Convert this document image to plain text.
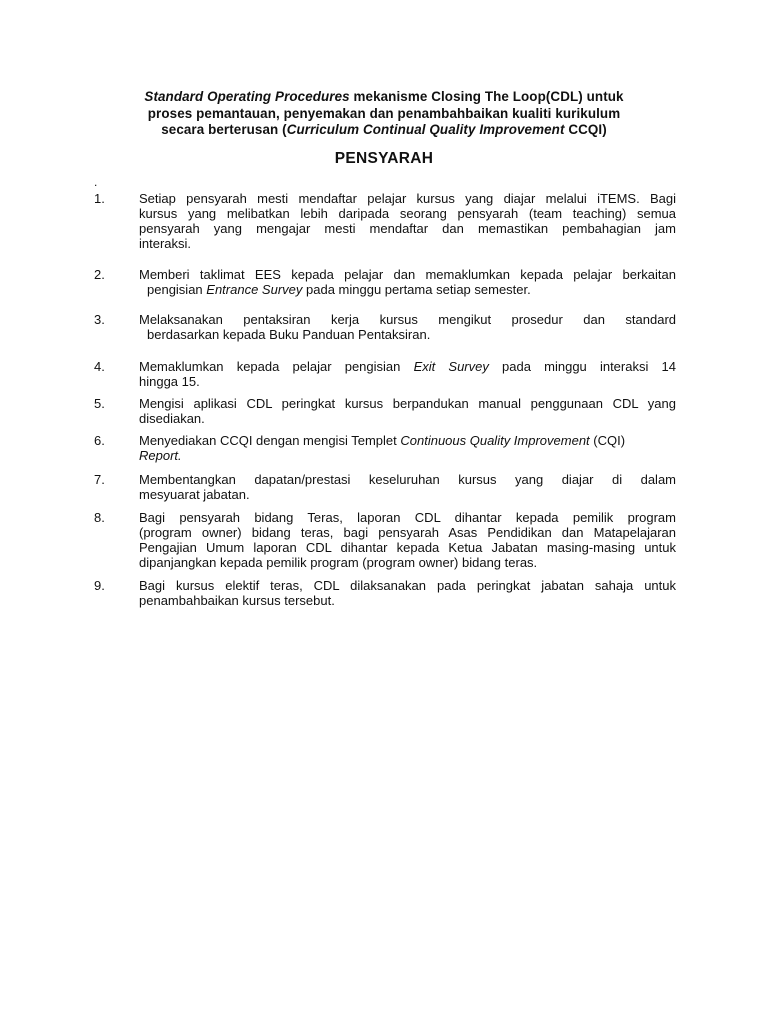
Standard Operating Procedures mekanisme Closing The Loop(CDL) untuk
proses pemantauan, penyemakan dan penambahbaikan kualiti kurikulum
secara berterusan (Curriculum Continual Quality Improvement CCQI)
PENSYARAH
.
1.	Setiap pensyarah mesti mendaftar pelajar kursus yang diajar melalui iTEMS. Bagi
kursus yang melibatkan lebih daripada seorang pensyarah (team teaching) semua
pensyarah yang mengajar mesti mendaftar dan memastikan pembahagian jam
interaksi.
2.	Memberi taklimat EES kepada pelajar dan memaklumkan kepada pelajar berkaitan
pengisian Entrance Survey pada minggu pertama setiap semester.
3.	Melaksanakan pentaksiran kerja kursus mengikut prosedur dan standard
berdasarkan kepada Buku Panduan Pentaksiran.
4.	Memaklumkan kepada pelajar pengisian Exit Survey pada minggu interaksi 14
hingga 15.
5.	Mengisi aplikasi CDL peringkat kursus berpandukan manual penggunaan CDL yang
disediakan.
6.	Menyediakan CCQI dengan mengisi Templet Continuous Quality Improvement (CQI)
Report.
7.	Membentangkan dapatan/prestasi keseluruhan kursus yang diajar di dalam
mesyuarat jabatan.
8.	Bagi pensyarah bidang Teras, laporan CDL dihantar kepada pemilik program
(program owner) bidang teras, bagi pensyarah Asas Pendidikan dan Matapelajaran
Pengajian Umum laporan CDL dihantar kepada Ketua Jabatan masing-masing untuk
dipanjangkan kepada pemilik program (program owner) bidang teras.
9.	Bagi kursus elektif teras, CDL dilaksanakan pada peringkat jabatan sahaja untuk
penambahbaikan kursus tersebut.
